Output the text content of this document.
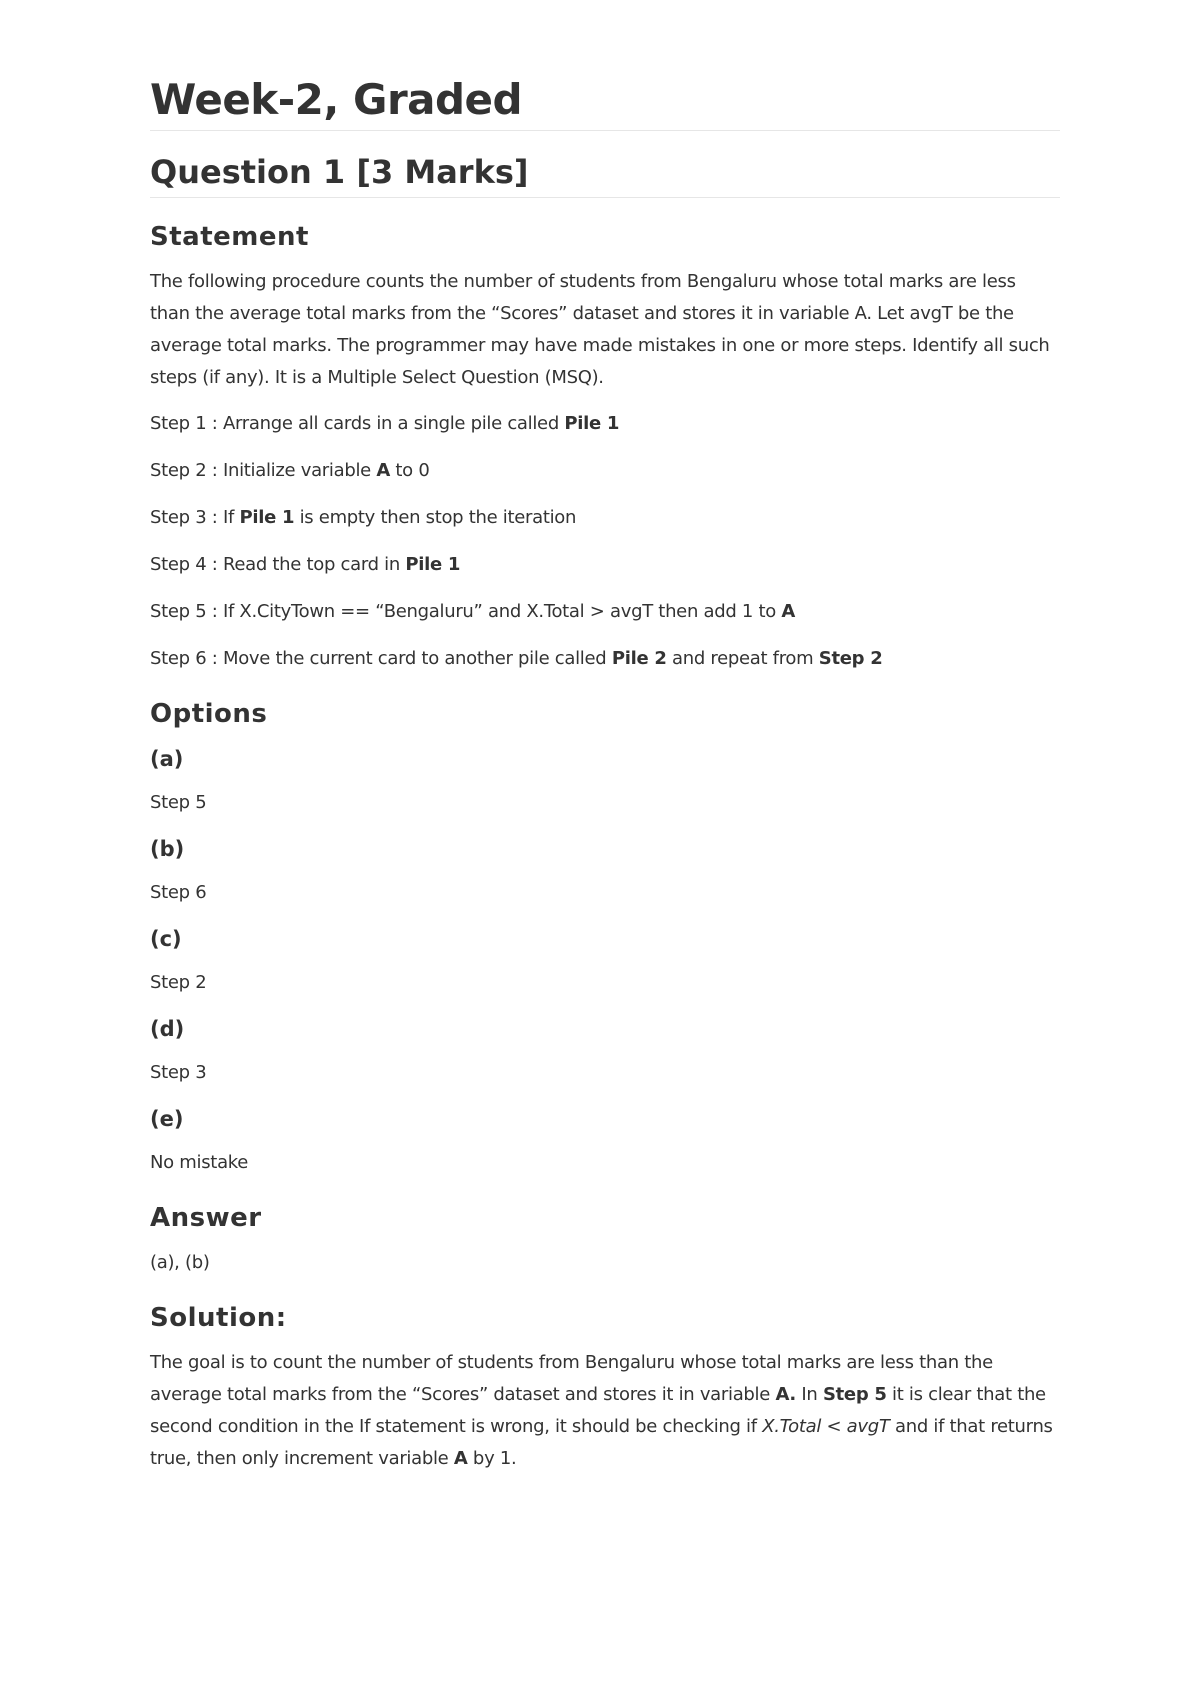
Week-2, Graded
Question 1 [3 Marks]
Statement

The following procedure counts the number of students from Bengaluru whose total marks are less than the average total marks from the “Scores” dataset and stores it in variable A. Let avgT be the average total marks. The programmer may have made mistakes in one or more steps. Identify all such steps (if any). It is a Multiple Select Question (MSQ).

Step 1 : Arrange all cards in a single pile called Pile 1

Step 2 : Initialize variable A to 0

Step 3 : If Pile 1 is empty then stop the iteration

Step 4 : Read the top card in Pile 1

Step 5 : If X.CityTown == “Bengaluru” and X.Total > avgT then add 1 to A

Step 6 : Move the current card to another pile called Pile 2 and repeat from Step 2

Options
(a)

Step 5

(b)

Step 6

(c)

Step 2

(d)

Step 3

(e)

No mistake

Answer

(a), (b)

Solution:

The goal is to count the number of students from Bengaluru whose total marks are less than the average total marks from the “Scores” dataset and stores it in variable A. In Step 5 it is clear that the second condition in the If statement is wrong, it should be checking if X.Total < avgT and if that returns true, then only increment variable A by 1.
